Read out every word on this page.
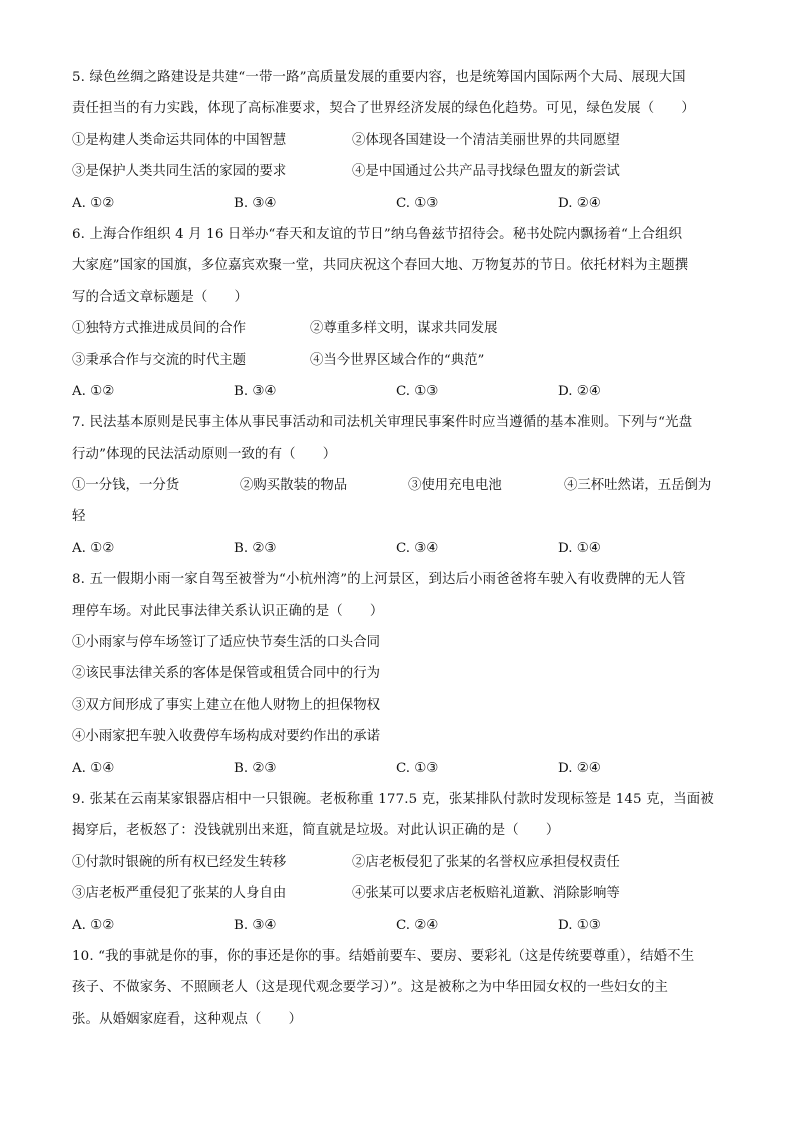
5. 绿色丝绸之路建设是共建“一带一路”高质量发展的重要内容，也是统筹国内国际两个大局、展现大国
责任担当的有力实践，体现了高标准要求，契合了世界经济发展的绿色化趋势。可见，绿色发展（　　）
①是构建人类命运共同体的中国智慧	②体现各国建设一个清洁美丽世界的共同愿望
③是保护人类共同生活的家园的要求	④是中国通过公共产品寻找绿色盟友的新尝试
A. ①②	B. ③④	C. ①③	D. ②④
6. 上海合作组织 4 月 16 日举办“春天和友谊的节日”纳乌鲁兹节招待会。秘书处院内飘扬着“上合组织
大家庭”国家的国旗，多位嘉宾欢聚一堂，共同庆祝这个春回大地、万物复苏的节日。依托材料为主题撰
写的合适文章标题是（　　）
①独特方式推进成员间的合作	②尊重多样文明，谋求共同发展
③秉承合作与交流的时代主题	④当今世界区域合作的“典范”
A. ①②	B. ③④	C. ①③	D. ②④
7. 民法基本原则是民事主体从事民事活动和司法机关审理民事案件时应当遵循的基本准则。下列与“光盘
行动”体现的民法活动原则一致的有（　　）
①一分钱，一分货	②购买散装的物品	③使用充电电池	④三杯吐然诺，五岳倒为
轻
A. ①②	B. ②③	C. ③④	D. ①④
8. 五一假期小雨一家自驾至被誉为“小杭州湾”的上河景区，到达后小雨爸爸将车驶入有收费牌的无人管
理停车场。对此民事法律关系认识正确的是（　　）
①小雨家与停车场签订了适应快节奏生活的口头合同
②该民事法律关系的客体是保管或租赁合同中的行为
③双方间形成了事实上建立在他人财物上的担保物权
④小雨家把车驶入收费停车场构成对要约作出的承诺
A. ①④	B. ②③	C. ①③	D. ②④
9. 张某在云南某家银器店相中一只银碗。老板称重 177.5 克，张某排队付款时发现标签是 145 克，当面被
揭穿后，老板怒了：没钱就别出来逛，简直就是垃圾。对此认识正确的是（　　）
①付款时银碗的所有权已经发生转移	②店老板侵犯了张某的名誉权应承担侵权责任
③店老板严重侵犯了张某的人身自由	④张某可以要求店老板赔礼道歉、消除影响等
A. ①②	B. ③④	C. ②④	D. ①③
10. “我的事就是你的事，你的事还是你的事。结婚前要车、要房、要彩礼（这是传统要尊重），结婚不生
孩子、不做家务、不照顾老人（这是现代观念要学习）”。这是被称之为中华田园女权的一些妇女的主
张。从婚姻家庭看，这种观点（　　）
